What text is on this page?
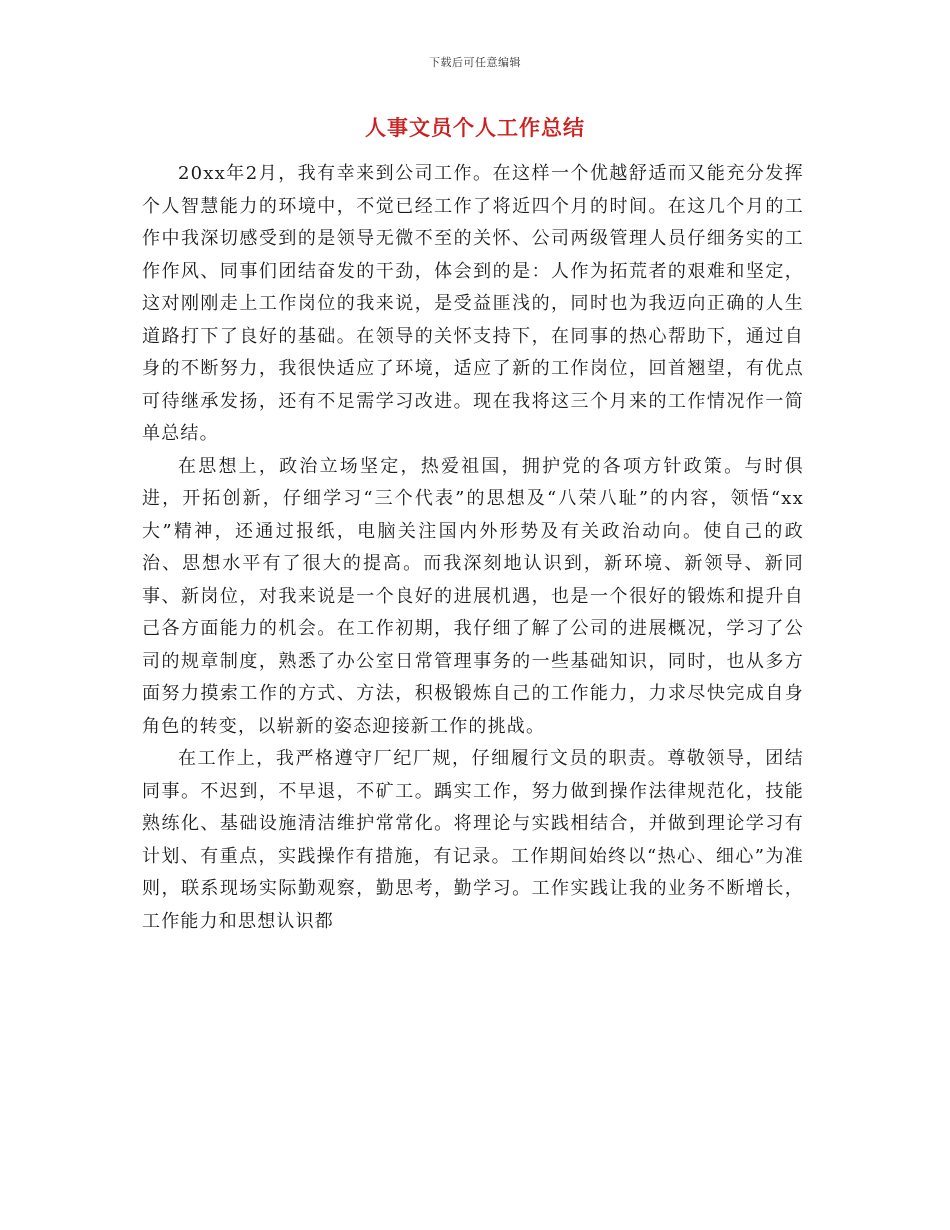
下载后可任意编辑
人事文员个人工作总结

20xx年2月，我有幸来到公司工作。在这样一个优越舒适而又能充分发挥个人智慧能力的环境中，不觉已经工作了将近四个月的时间。在这几个月的工作中我深切感受到的是领导无微不至的关怀、公司两级管理人员仔细务实的工作作风、同事们团结奋发的干劲，体会到的是：人作为拓荒者的艰难和坚定，这对刚刚走上工作岗位的我来说，是受益匪浅的，同时也为我迈向正确的人生道路打下了良好的基础。在领导的关怀支持下，在同事的热心帮助下，通过自身的不断努力，我很快适应了环境，适应了新的工作岗位，回首翘望，有优点可待继承发扬，还有不足需学习改进。现在我将这三个月来的工作情况作一简单总结。

在思想上，政治立场坚定，热爱祖国，拥护党的各项方针政策。与时俱进，开拓创新，仔细学习“三个代表”的思想及“八荣八耻”的内容，领悟“xx大”精神，还通过报纸，电脑关注国内外形势及有关政治动向。使自己的政治、思想水平有了很大的提高。而我深刻地认识到，新环境、新领导、新同事、新岗位，对我来说是一个良好的进展机遇，也是一个很好的锻炼和提升自己各方面能力的机会。在工作初期，我仔细了解了公司的进展概况，学习了公司的规章制度，熟悉了办公室日常管理事务的一些基础知识，同时，也从多方面努力摸索工作的方式、方法，积极锻炼自己的工作能力，力求尽快完成自身角色的转变，以崭新的姿态迎接新工作的挑战。

在工作上，我严格遵守厂纪厂规，仔细履行文员的职责。尊敬领导，团结同事。不迟到，不早退，不矿工。踽实工作，努力做到操作法律规范化，技能熟练化、基础设施清洁维护常常化。将理论与实践相结合，并做到理论学习有计划、有重点，实践操作有措施，有记录。工作期间始终以“热心、细心”为准则，联系现场实际勤观察，勤思考，勤学习。工作实践让我的业务不断增长，工作能力和思想认识都
